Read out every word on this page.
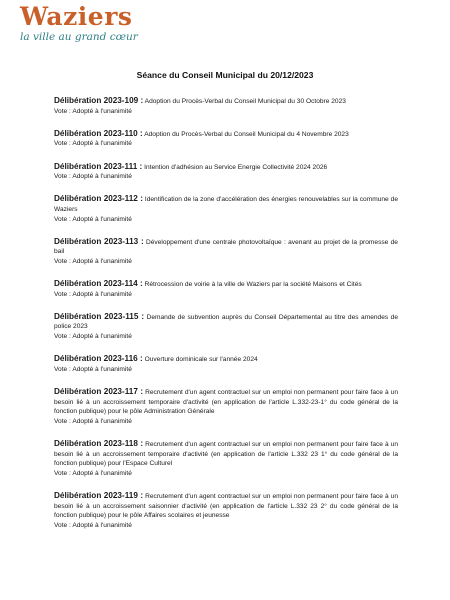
Waziers
la ville au grand cœur
Séance du Conseil Municipal du 20/12/2023
Délibération 2023-109 : Adoption du Procès-Verbal du Conseil Municipal du 30 Octobre 2023
Vote : Adopté à l'unanimité
Délibération 2023-110 : Adoption du Procès-Verbal du Conseil Municipal du 4 Novembre 2023
Vote : Adopté à l'unanimité
Délibération 2023-111 : Intention d'adhésion au Service Energie Collectivité 2024 2026
Vote : Adopté à l'unanimité
Délibération 2023-112 : Identification de la zone d'accélération des énergies renouvelables sur la commune de Waziers
Vote : Adopté à l'unanimité
Délibération 2023-113 : Développement d'une centrale photovoltaïque : avenant au projet de la promesse de bail
Vote : Adopté à l'unanimité
Délibération 2023-114 : Rétrocession de voirie à la ville de Waziers par la société Maisons et Cités
Vote : Adopté à l'unanimité
Délibération 2023-115 : Demande de subvention auprès du Conseil Départemental au titre des amendes de police 2023
Vote : Adopté à l'unanimité
Délibération 2023-116 : Ouverture dominicale sur l'année 2024
Vote : Adopté à l'unanimité
Délibération 2023-117 : Recrutement d'un agent contractuel sur un emploi non permanent pour faire face à un besoin lié à un accroissement temporaire d'activité (en application de l'article L.332-23-1° du code général de la fonction publique) pour le pôle Administration Générale
Vote : Adopté à l'unanimité
Délibération 2023-118 : Recrutement d'un agent contractuel sur un emploi non permanent pour faire face à un besoin lié à un accroissement temporaire d'activité (en application de l'article L.332 23 1° du code général de la fonction publique) pour l'Espace Culturel
Vote : Adopté à l'unanimité
Délibération 2023-119 : Recrutement d'un agent contractuel sur un emploi non permanent pour faire face à un besoin lié à un accroissement saisonnier d'activité (en application de l'article L.332 23 2° du code général de la fonction publique) pour le pôle Affaires scolaires et jeunesse
Vote : Adopté à l'unanimité
